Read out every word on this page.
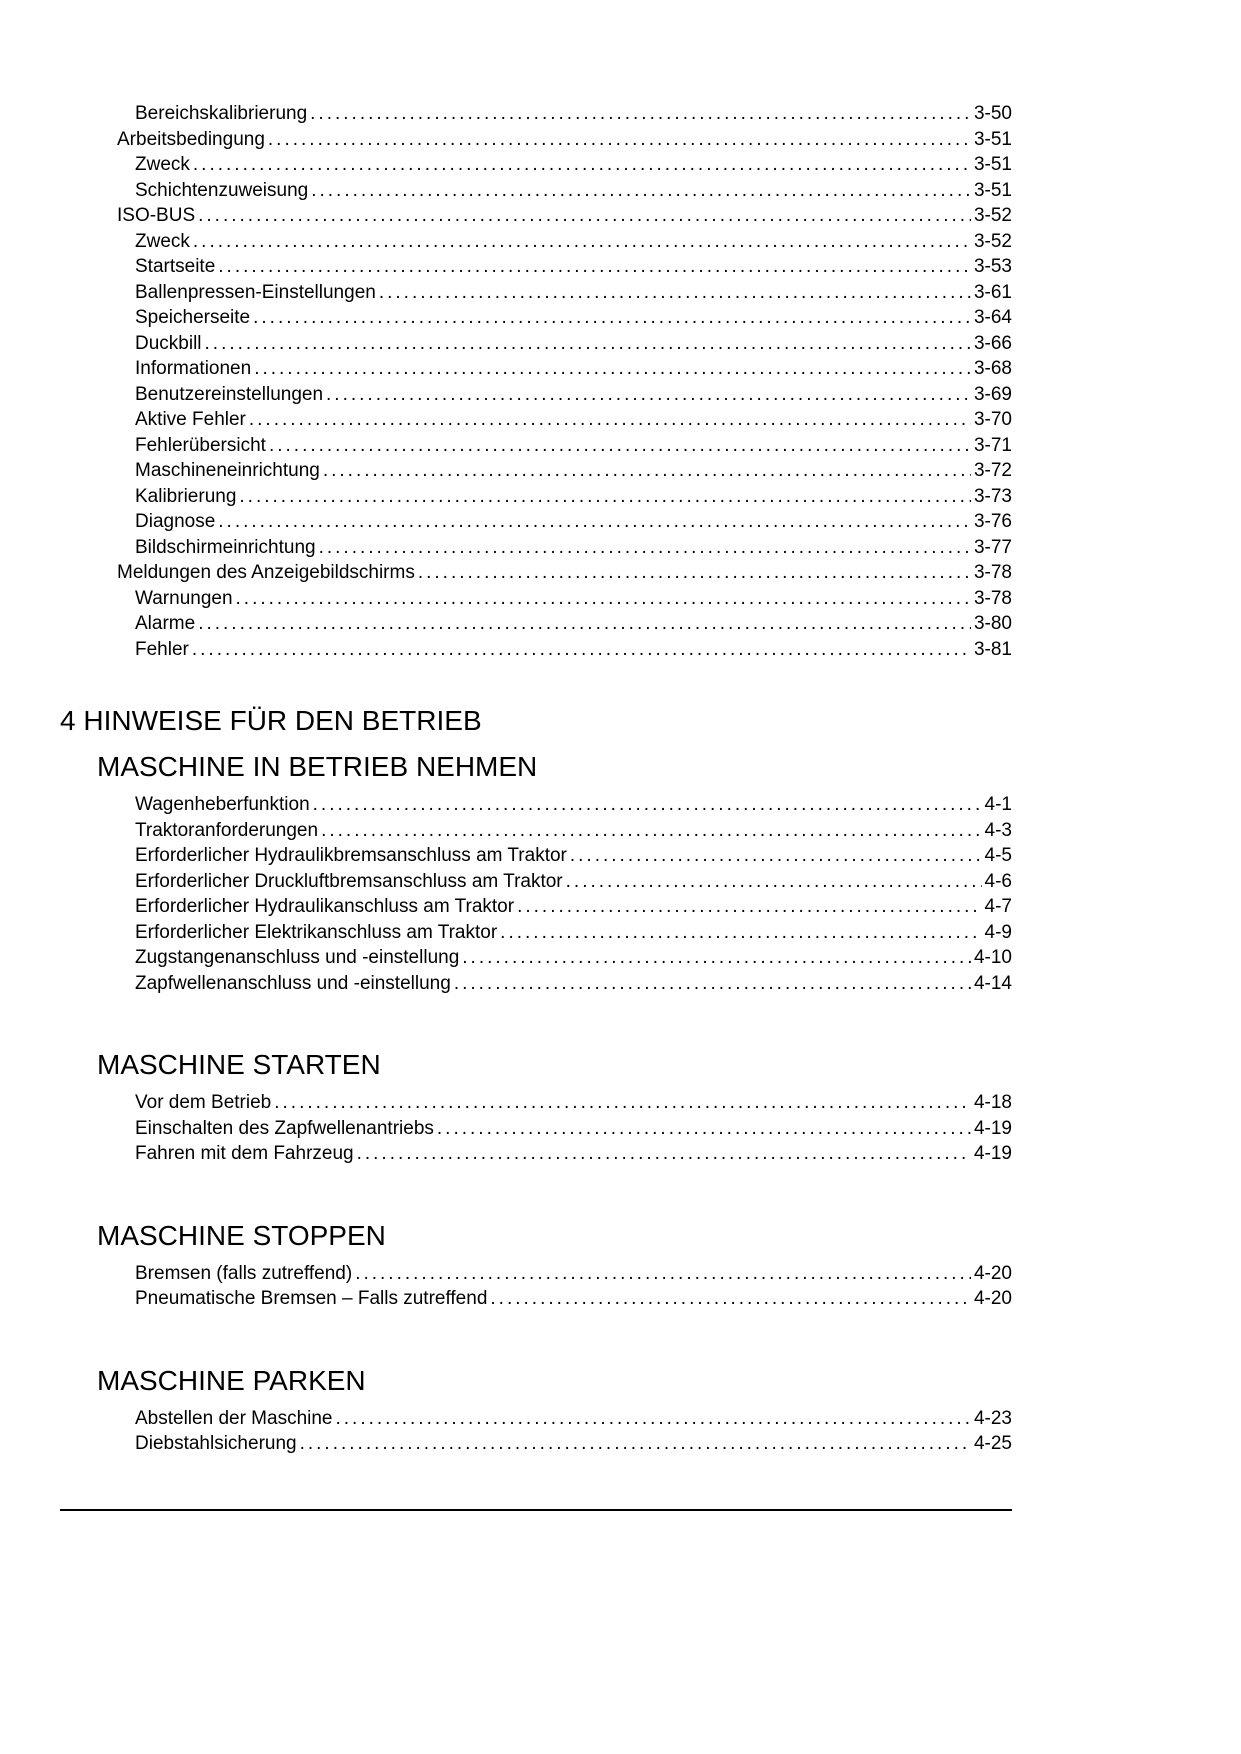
Bereichskalibrierung .....	3-50
Arbeitsbedingung .....	3-51
Zweck .....	3-51
Schichtenzuweisung .....	3-51
ISO-BUS .....	3-52
Zweck .....	3-52
Startseite .....	3-53
Ballenpressen-Einstellungen .....	3-61
Speicherseite .....	3-64
Duckbill .....	3-66
Informationen .....	3-68
Benutzereinstellungen .....	3-69
Aktive Fehler .....	3-70
Fehlerübersicht .....	3-71
Maschineneinrichtung .....	3-72
Kalibrierung .....	3-73
Diagnose .....	3-76
Bildschirmeinrichtung .....	3-77
Meldungen des Anzeigebildschirms .....	3-78
Warnungen .....	3-78
Alarme .....	3-80
Fehler .....	3-81
4 HINWEISE FÜR DEN BETRIEB
MASCHINE IN BETRIEB NEHMEN
Wagenheberfunktion .....	4-1
Traktoranforderungen .....	4-3
Erforderlicher Hydraulikbremsanschluss am Traktor .....	4-5
Erforderlicher Druckluftbremsanschluss am Traktor .....	4-6
Erforderlicher Hydraulikanschluss am Traktor .....	4-7
Erforderlicher Elektrikanschluss am Traktor .....	4-9
Zugstangenanschluss und -einstellung .....	4-10
Zapfwellenanschluss und -einstellung .....	4-14
MASCHINE STARTEN
Vor dem Betrieb .....	4-18
Einschalten des Zapfwellenantriebs .....	4-19
Fahren mit dem Fahrzeug .....	4-19
MASCHINE STOPPEN
Bremsen (falls zutreffend) .....	4-20
Pneumatische Bremsen – Falls zutreffend .....	4-20
MASCHINE PARKEN
Abstellen der Maschine .....	4-23
Diebstahlsicherung .....	4-25
